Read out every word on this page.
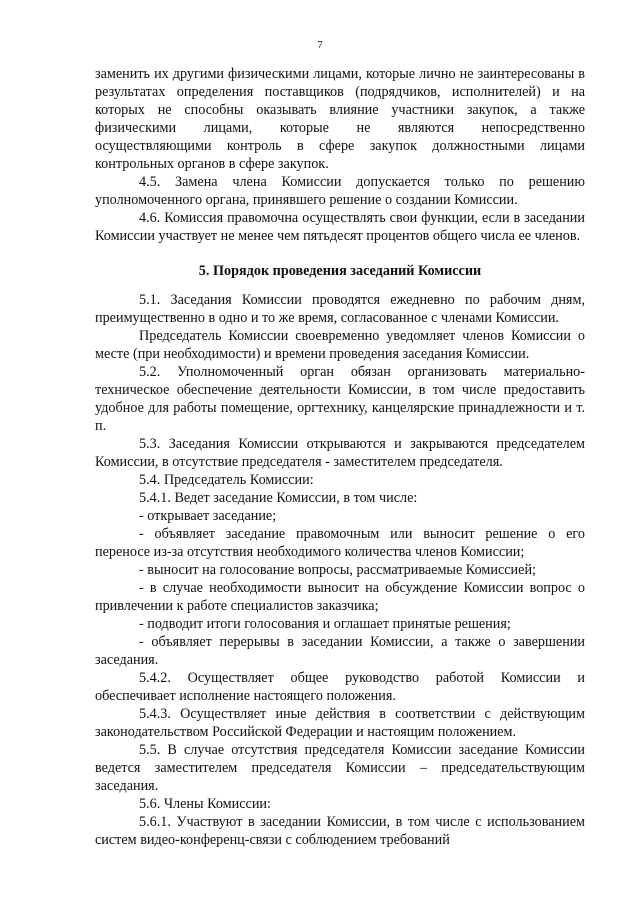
7

заменить их другими физическими лицами, которые лично не заинтересованы в результатах определения поставщиков (подрядчиков, исполнителей) и на которых не способны оказывать влияние участники закупок, а также физическими лицами, которые не являются непосредственно осуществляющими контроль в сфере закупок должностными лицами контрольных органов в сфере закупок.

4.5. Замена члена Комиссии допускается только по решению уполномоченного органа, принявшего решение о создании Комиссии.

4.6. Комиссия правомочна осуществлять свои функции, если в заседании Комиссии участвует не менее чем пятьдесят процентов общего числа ее членов.

5. Порядок проведения заседаний Комиссии

5.1. Заседания Комиссии проводятся ежедневно по рабочим дням, преимущественно в одно и то же время, согласованное с членами Комиссии.

Председатель Комиссии своевременно уведомляет членов Комиссии о месте (при необходимости) и времени проведения заседания Комиссии.

5.2. Уполномоченный орган обязан организовать материально-техническое обеспечение деятельности Комиссии, в том числе предоставить удобное для работы помещение, оргтехнику, канцелярские принадлежности и т. п.

5.3. Заседания Комиссии открываются и закрываются председателем Комиссии, в отсутствие председателя - заместителем председателя.

5.4. Председатель Комиссии:

5.4.1. Ведет заседание Комиссии, в том числе:

- открывает заседание;

- объявляет заседание правомочным или выносит решение о его переносе из-за отсутствия необходимого количества членов Комиссии;

- выносит на голосование вопросы, рассматриваемые Комиссией;

- в случае необходимости выносит на обсуждение Комиссии вопрос о привлечении к работе специалистов заказчика;

- подводит итоги голосования и оглашает принятые решения;

- объявляет перерывы в заседании Комиссии, а также о завершении заседания.

5.4.2. Осуществляет общее руководство работой Комиссии и обеспечивает исполнение настоящего положения.

5.4.3. Осуществляет иные действия в соответствии с действующим законодательством Российской Федерации и настоящим положением.

5.5. В случае отсутствия председателя Комиссии заседание Комиссии ведется заместителем председателя Комиссии – председательствующим заседания.

5.6. Члены Комиссии:

5.6.1. Участвуют в заседании Комиссии, в том числе с использованием систем видео-конференц-связи с соблюдением требований
